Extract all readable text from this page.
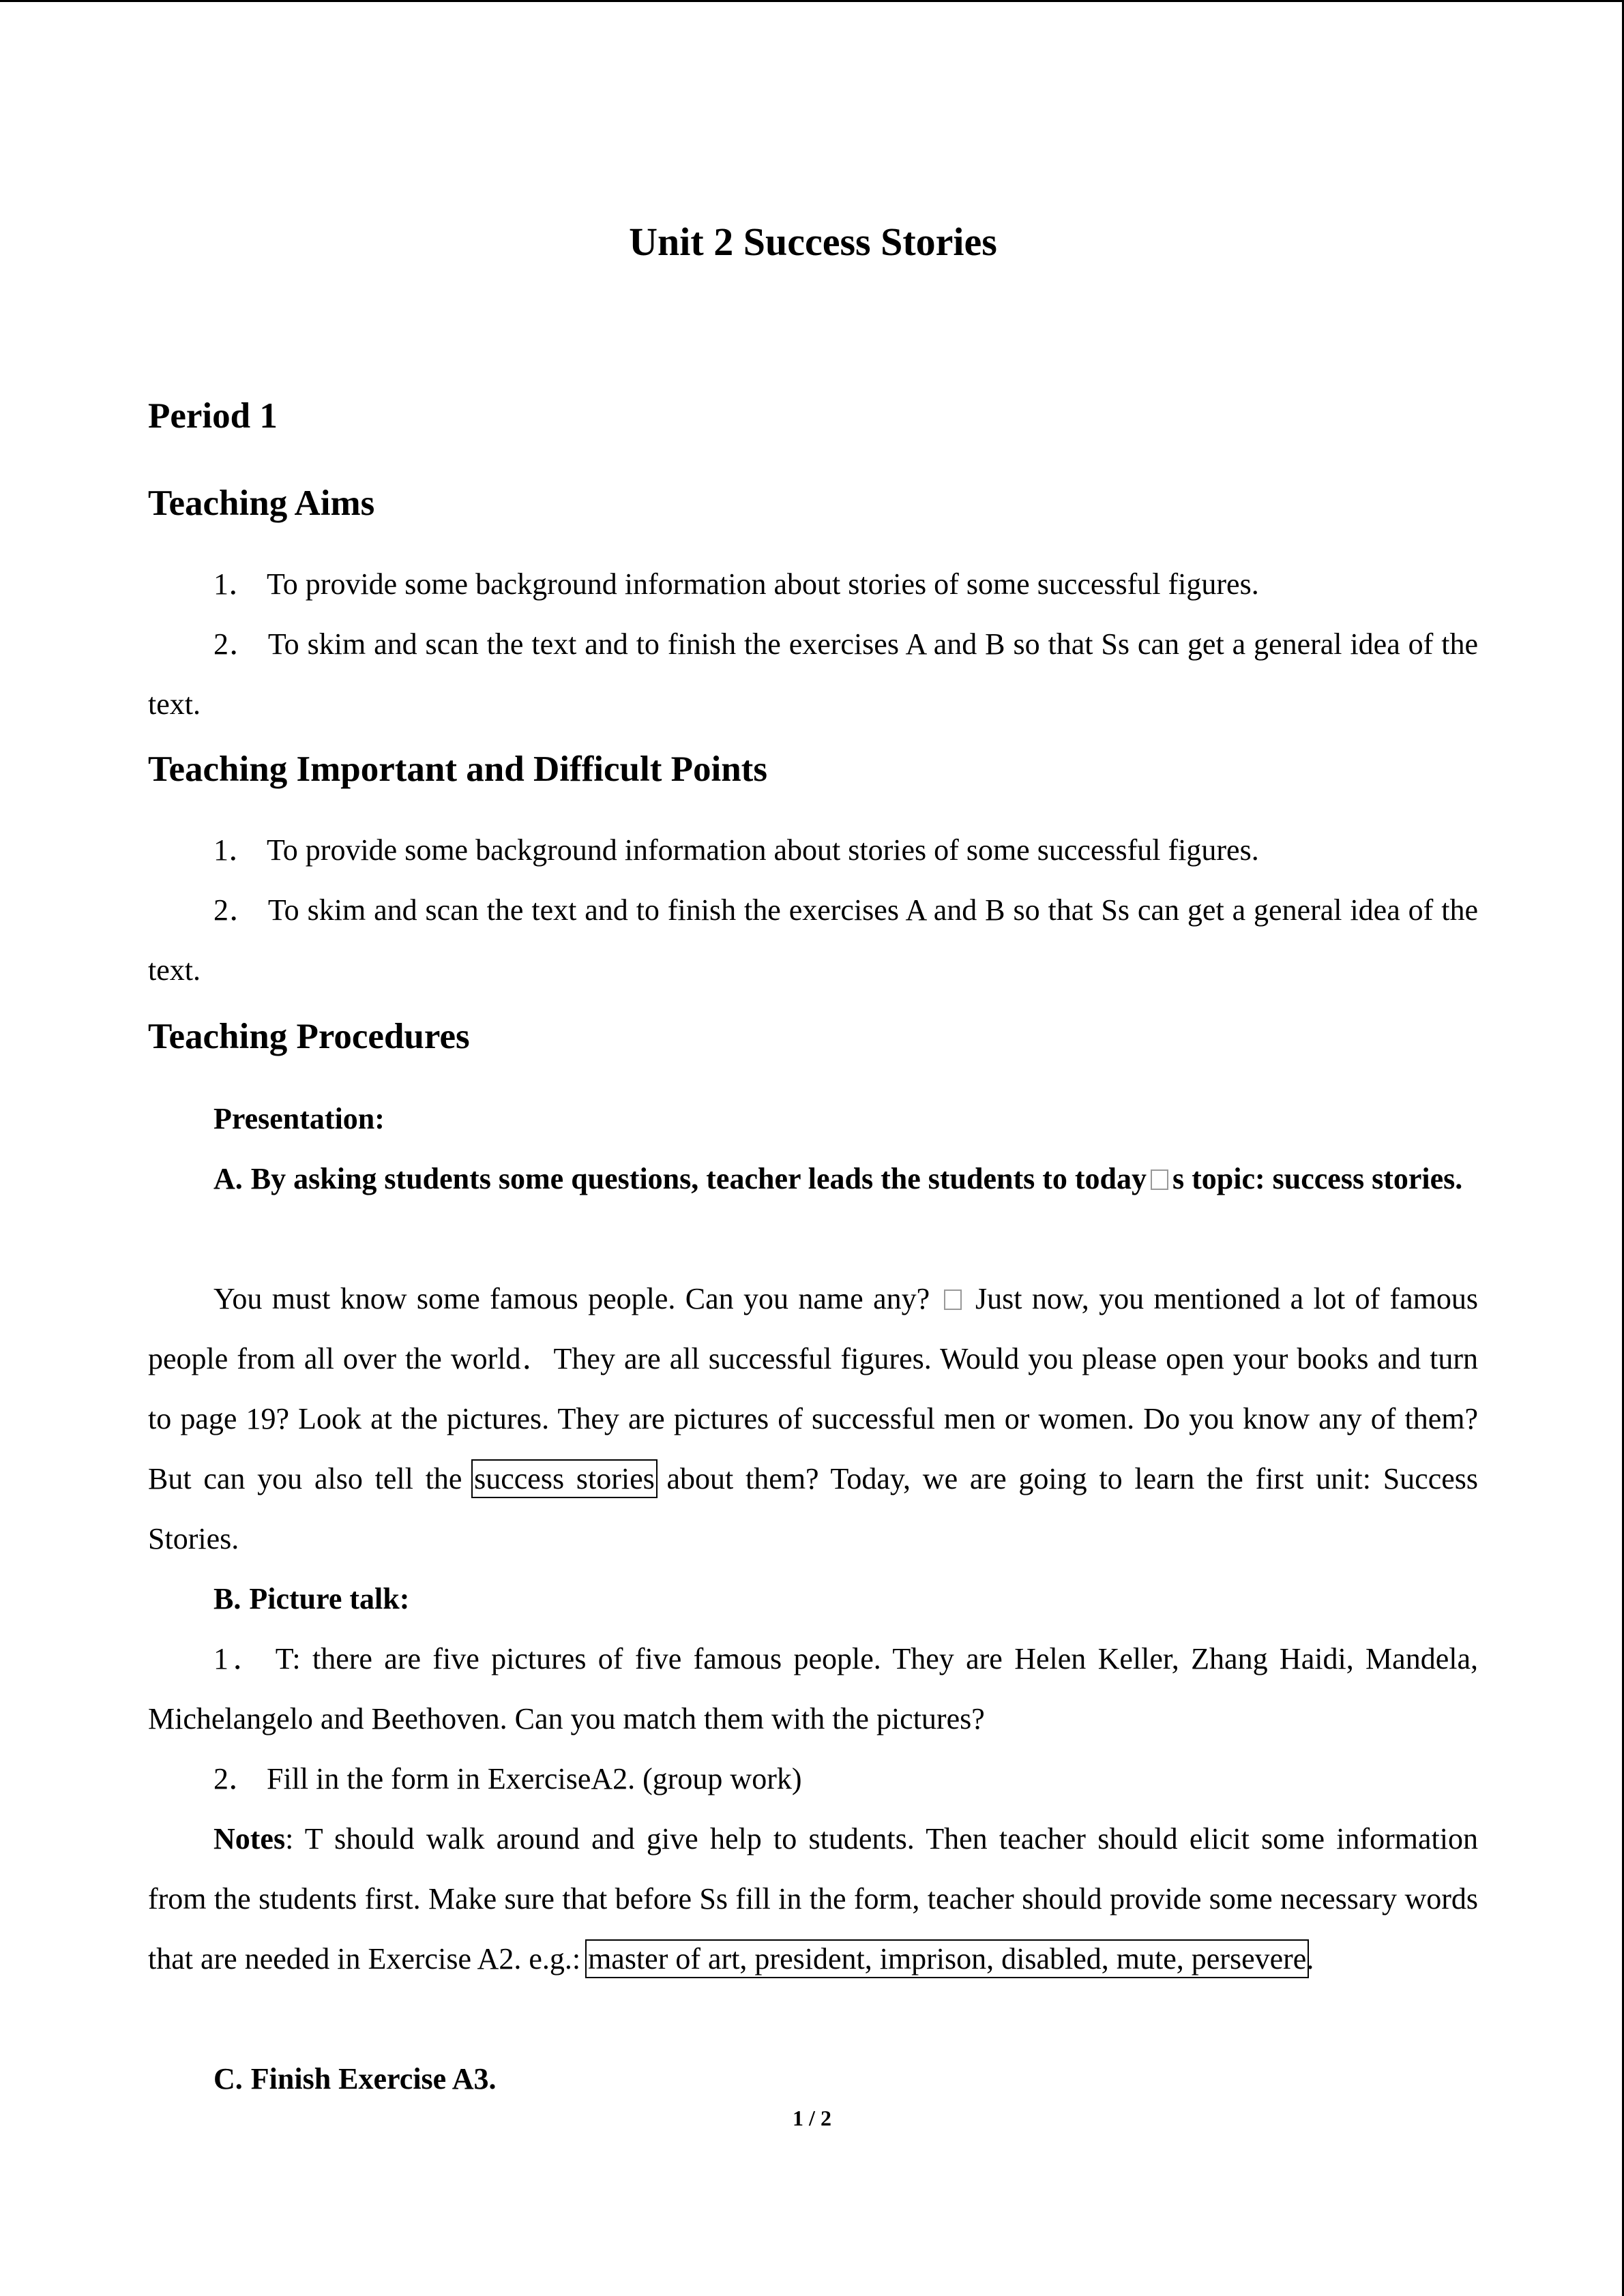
Unit 2 Success Stories
Period 1
Teaching Aims
1． To provide some background information about stories of some successful figures.
2． To skim and scan the text and to finish the exercises A and B so that Ss can get a general idea of the text.
Teaching Important and Difficult Points
1． To provide some background information about stories of some successful figures.
2． To skim and scan the text and to finish the exercises A and B so that Ss can get a general idea of the text.
Teaching Procedures
Presentation:
A. By asking students some questions, teacher leads the students to today s topic: success stories.
You must know some famous people. Can you name any? Just now, you mentioned a lot of famous people from all over the world．They are all successful figures. Would you please open your books and turn to page 19? Look at the pictures. They are pictures of successful men or women. Do you know any of them? But can you also tell the success stories about them? Today, we are going to learn the first unit: Success Stories.
B. Picture talk:
1． T: there are five pictures of five famous people. They are Helen Keller, Zhang Haidi, Mandela, Michelangelo and Beethoven. Can you match them with the pictures?
2． Fill in the form in ExerciseA2. (group work)
Notes: T should walk around and give help to students. Then teacher should elicit some information from the students first. Make sure that before Ss fill in the form, teacher should provide some necessary words that are needed in Exercise A2. e.g.: master of art, president, imprison, disabled, mute, persevere.
C. Finish Exercise A3.
1 / 2
